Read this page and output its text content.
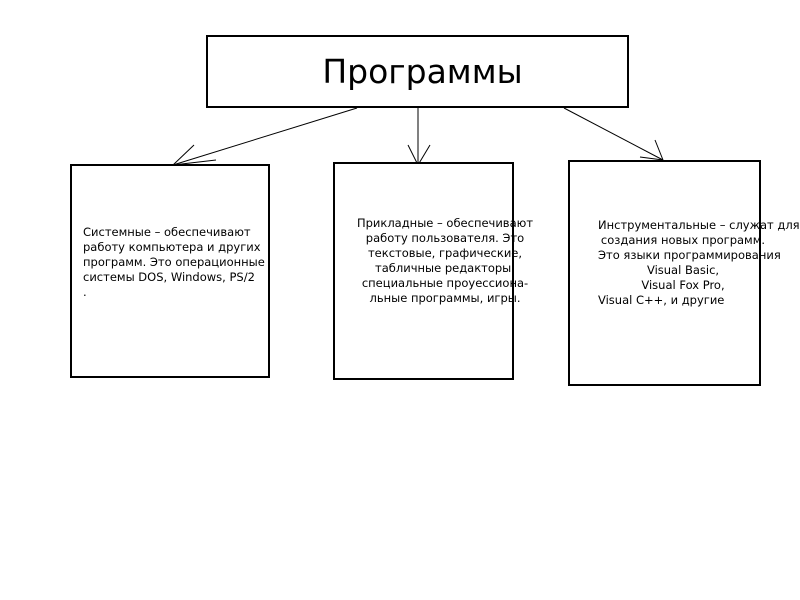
Программы
Системные – обеспечивают
работу компьютера и других
программ. Это операционные
системы DOS, Windows, PS/2
.
Прикладные – обеспечивают
работу пользователя. Это
текстовые, графические,
табличные редакторы,
специальные проуессиона-
льные программы, игры.
Инструментальные – служат для
создания новых программ.
Это языки программирования
Visual Basic,
Visual Fox Pro,
Visual C++, и другие
